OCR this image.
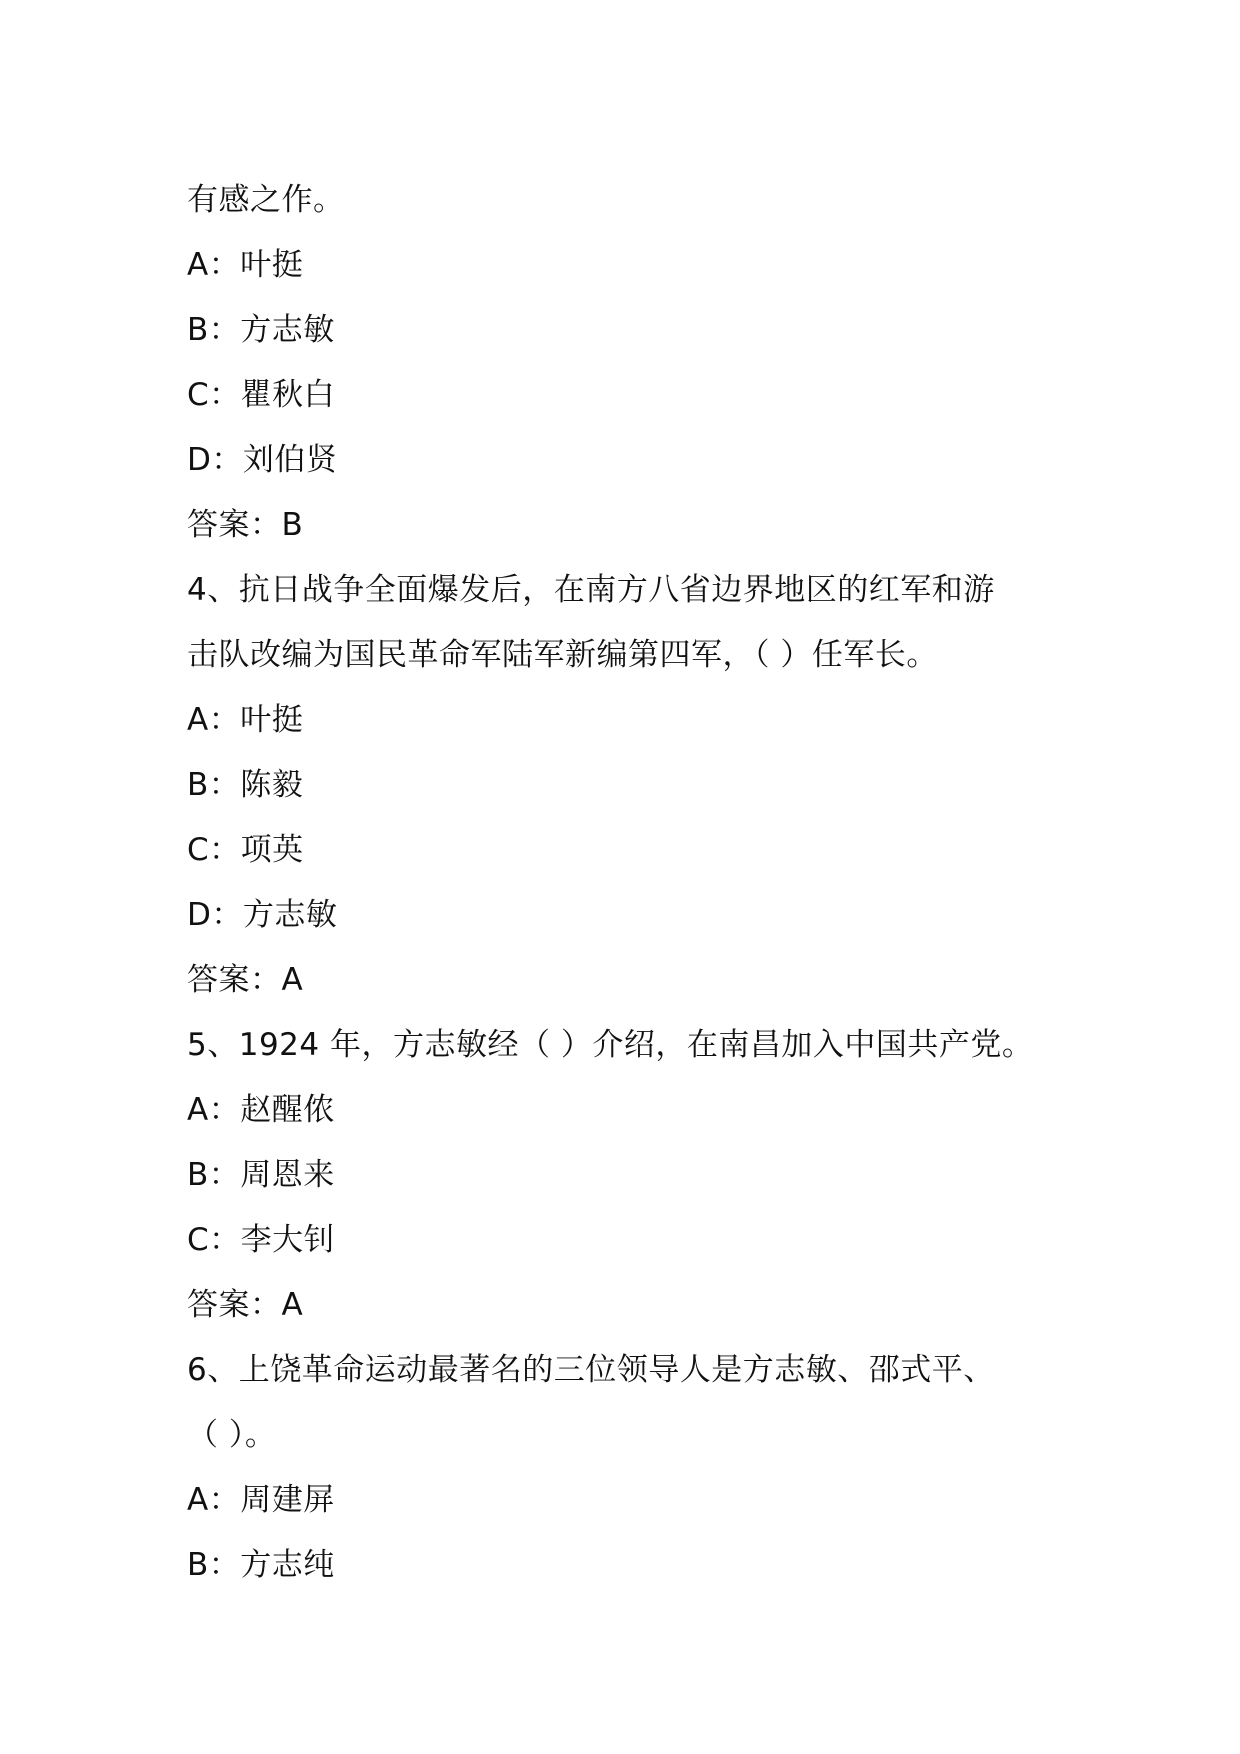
有感之作。
A：叶挺
B：方志敏
C：瞿秋白
D：刘伯贤
答案：B
4、抗日战争全面爆发后，在南方八省边界地区的红军和游
击队改编为国民革命军陆军新编第四军，（ ）任军长。
A：叶挺
B：陈毅
C：项英
D：方志敏
答案：A
5、1924 年，方志敏经（ ）介绍，在南昌加入中国共产党。
A：赵醒侬
B：周恩来
C：李大钊
答案：A
6、上饶革命运动最著名的三位领导人是方志敏、邵式平、
（ ）。
A：周建屏
B：方志纯
